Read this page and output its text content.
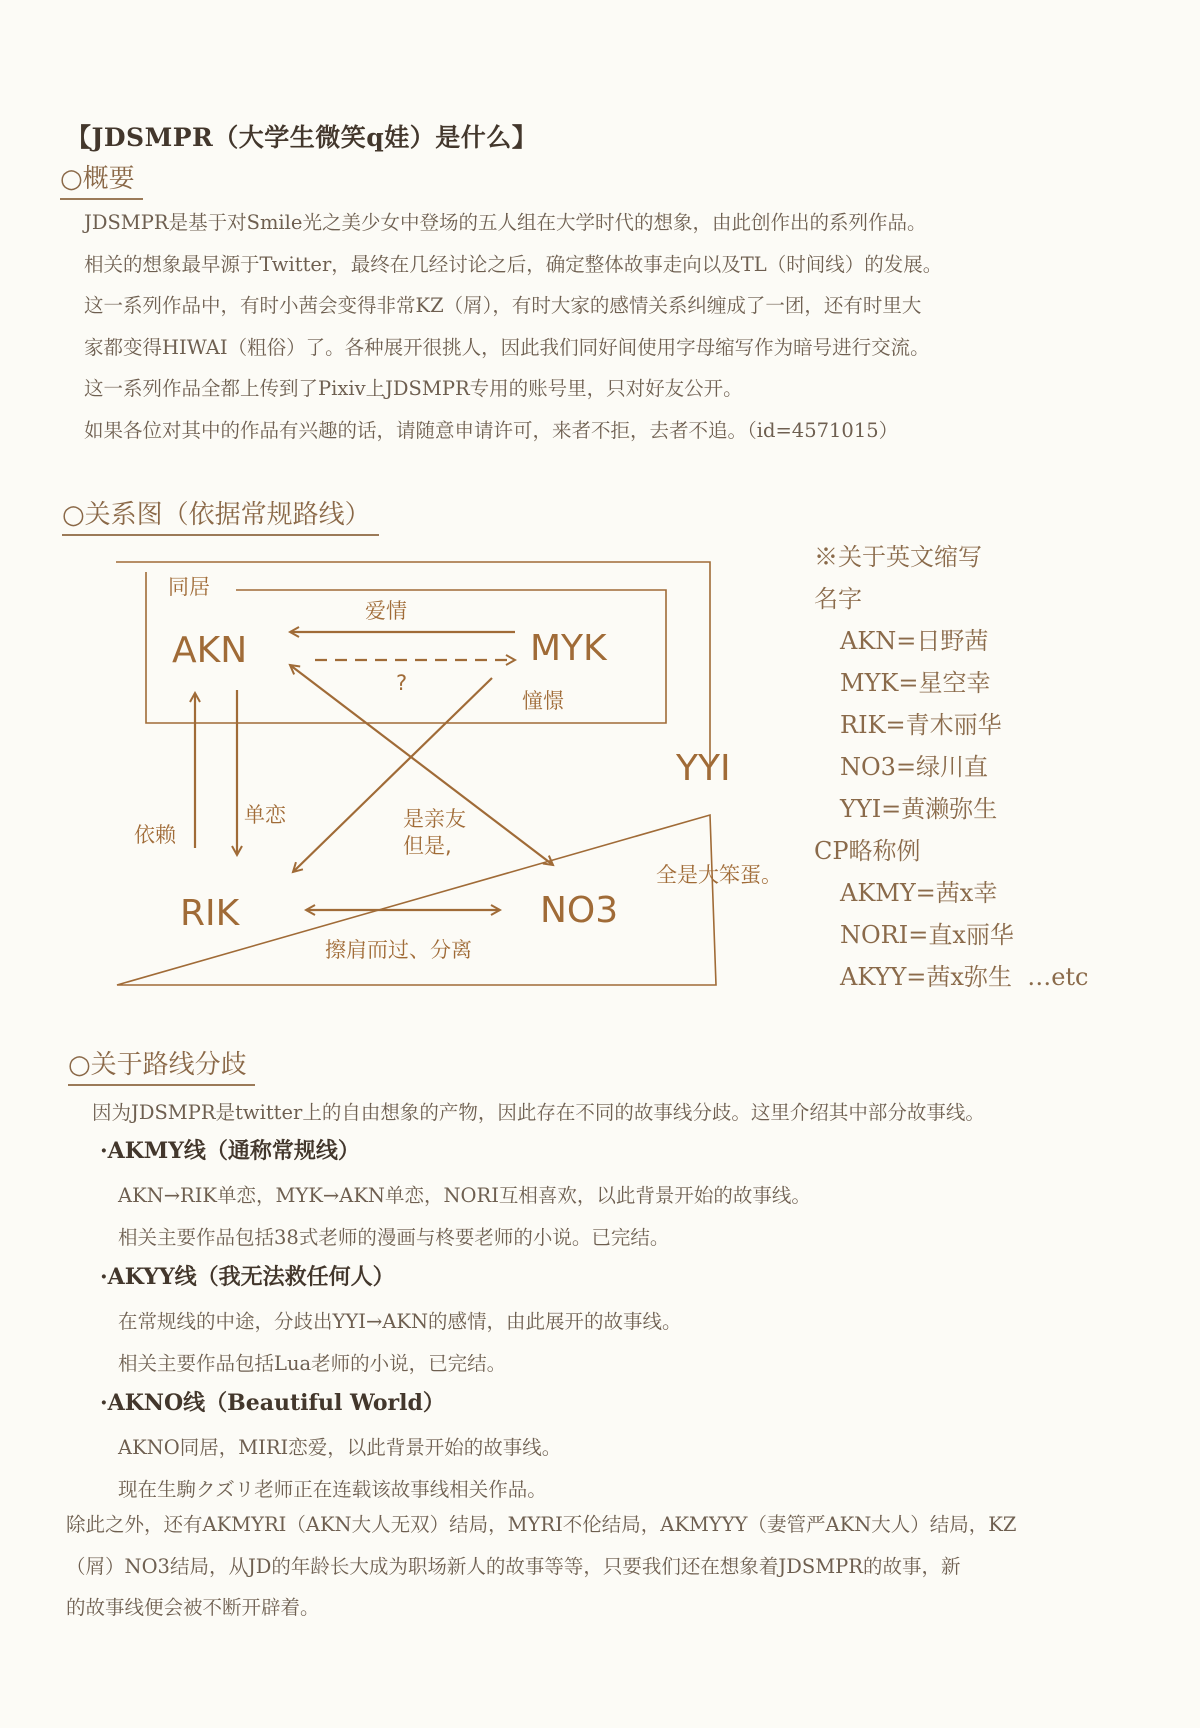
【JDSMPR（大学生微笑q娃）是什么】
○概要
JDSMPR是基于对Smile光之美少女中登场的五人组在大学时代的想象，由此创作出的系列作品。
相关的想象最早源于Twitter，最终在几经讨论之后，确定整体故事走向以及TL（时间线）的发展。
这一系列作品中，有时小茜会变得非常KZ（屑），有时大家的感情关系纠缠成了一团，还有时里大
家都变得HIWAI（粗俗）了。各种展开很挑人，因此我们同好间使用字母缩写作为暗号进行交流。
这一系列作品全都上传到了Pixiv上JDSMPR专用的账号里，只对好友公开。
如果各位对其中的作品有兴趣的话，请随意申请许可，来者不拒，去者不追。（id=4571015）
○关系图（依据常规路线）
同居
AKN	MYK
RIK	NO3
YYI
爱情
?
憧憬
单恋
依赖
是亲友
但是,
擦肩而过、分离
全是大笨蛋。
※关于英文缩写
名字
AKN=日野茜
MYK=星空幸
RIK=青木丽华
NO3=绿川直
YYI=黄濑弥生
CP略称例
AKMY=茜x幸
NORI=直x丽华
AKYY=茜x弥生  …etc
○关于路线分歧
因为JDSMPR是twitter上的自由想象的产物，因此存在不同的故事线分歧。这里介绍其中部分故事线。
·AKMY线（通称常规线）
AKN→RIK单恋，MYK→AKN单恋，NORI互相喜欢，以此背景开始的故事线。
相关主要作品包括38式老师的漫画与柊要老师的小说。已完结。
·AKYY线（我无法救任何人）
在常规线的中途，分歧出YYI→AKN的感情，由此展开的故事线。
相关主要作品包括Lua老师的小说，已完结。
·AKNO线（Beautiful World）
AKNO同居，MIRI恋爱，以此背景开始的故事线。
现在生駒クズリ老师正在连载该故事线相关作品。
除此之外，还有AKMYRI（AKN大人无双）结局，MYRI不伦结局，AKMYYY（妻管严AKN大人）结局，KZ
（屑）NO3结局，从JD的年龄长大成为职场新人的故事等等，只要我们还在想象着JDSMPR的故事，新
的故事线便会被不断开辟着。
